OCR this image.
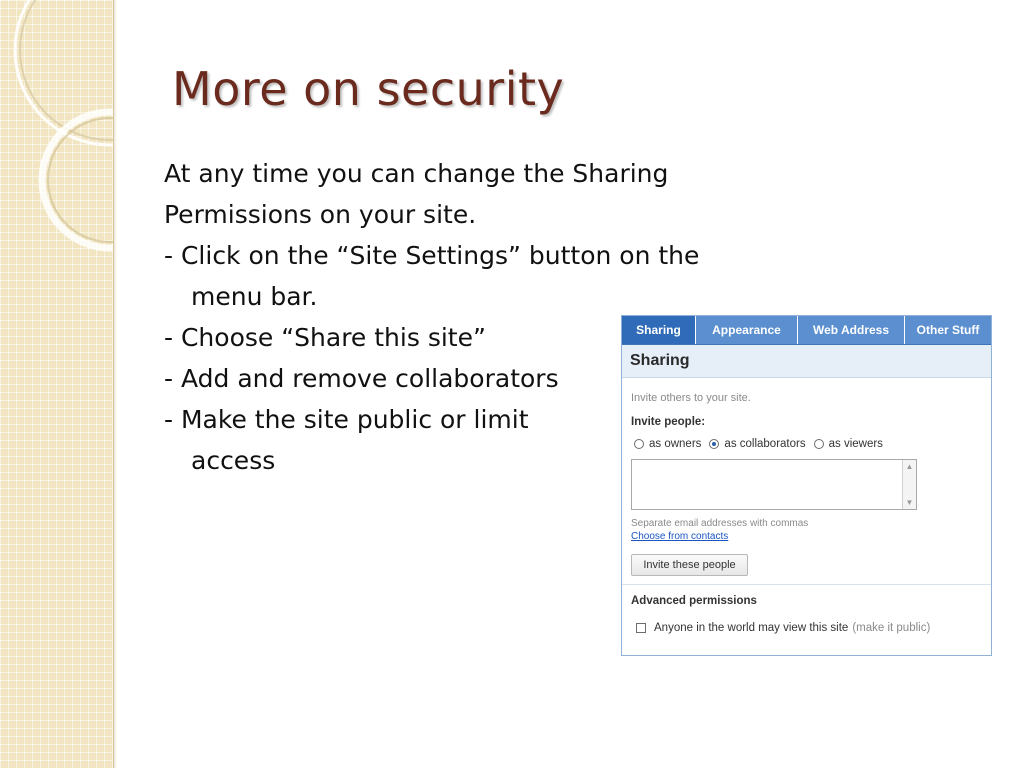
More on security
At any time you can change the Sharing
Permissions on your site.
- Click on the “Site Settings” button on the
menu bar.
- Choose “Share this site”
- Add and remove collaborators
- Make the site public or limit
access
Sharing	Appearance	Web Address	Other Stuff
Sharing
Invite others to your site.
Invite people:
as owners as collaborators as viewers
▲
▼
Separate email addresses with commas
Choose from contacts
Invite these people
Advanced permissions
Anyone in the world may view this site (make it public)
